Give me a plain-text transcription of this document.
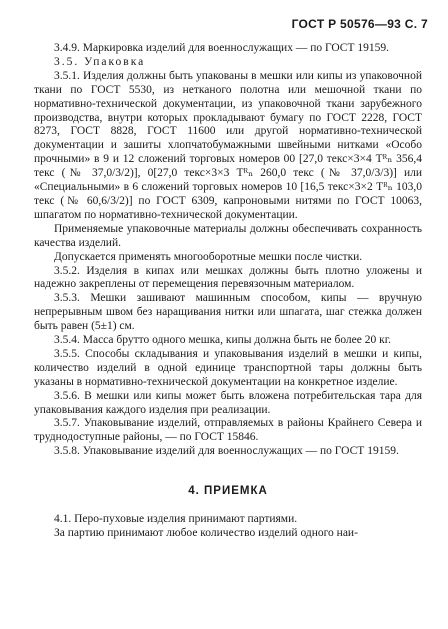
ГОСТ Р 50576—93 С. 7

3.4.9. Маркировка изделий для военнослужащих — по ГОСТ 19159.

3.5. Упаковка

3.5.1. Изделия должны быть упакованы в мешки или кипы из упаковочной ткани по ГОСТ 5530, из нетканого полотна или мешочной ткани по нормативно-технической документации, из упаковочной ткани зарубежного производства, внутри которых прокладывают бумагу по ГОСТ 2228, ГОСТ 8273, ГОСТ 8828, ГОСТ 11600 или другой нормативно-технической документации и зашиты хлопчатобумажными швейными нитками «Особо прочными» в 9 и 12 сложений торговых номеров 00 [27,0 текс×3×4 Tᴿₙ 356,4 текс (№ 37,0/3/2)], 0[27,0 текс×3×3 Tᴿₙ 260,0 текс (№ 37,0/3/3)] или «Специальными» в 6 сложений торговых номеров 10 [16,5 текс×3×2 Tᴿₙ 103,0 текс (№ 60,6/3/2)] по ГОСТ 6309, капроновыми нитями по ГОСТ 10063, шпагатом по нормативно-технической документации.

Применяемые упаковочные материалы должны обеспечивать сохранность качества изделий.

Допускается применять многооборотные мешки после чистки.

3.5.2. Изделия в кипах или мешках должны быть плотно уложены и надежно закреплены от перемещения перевязочным материалом.

3.5.3. Мешки зашивают машинным способом, кипы — вручную непрерывным швом без наращивания нитки или шпагата, шаг стежка должен быть равен (5±1) см.

3.5.4. Масса брутто одного мешка, кипы должна быть не более 20 кг.

3.5.5. Способы складывания и упаковывания изделий в мешки и кипы, количество изделий в одной единице транспортной тары должны быть указаны в нормативно-технической документации на конкретное изделие.

3.5.6. В мешки или кипы может быть вложена потребительская тара для упаковывания каждого изделия при реализации.

3.5.7. Упаковывание изделий, отправляемых в районы Крайнего Севера и труднодоступные районы, — по ГОСТ 15846.

3.5.8. Упаковывание изделий для военнослужащих — по ГОСТ 19159.

4. ПРИЕМКА

4.1. Перо-пуховые изделия принимают партиями.

За партию принимают любое количество изделий одного наи-
